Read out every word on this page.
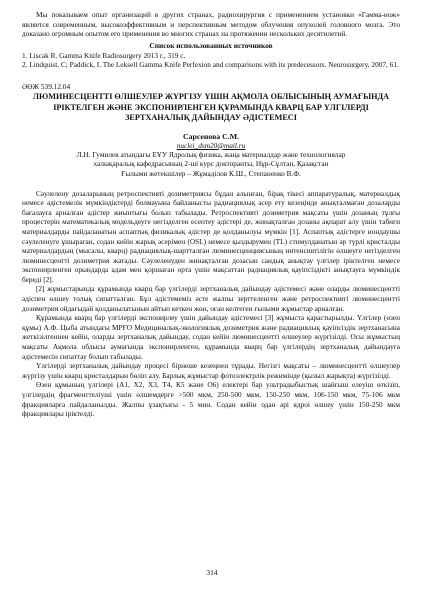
Мы показываем опыт организаций в других странах, радиохирургия с применением установки «Гамма-нож» является современным, высокоэффективным и перспективным методом облучения опухолей головного мозга. Это доказано огромным опытом его применения во многих странах на протяжении нескольких десятилетий.

Список использованных источников

1. Liscak R. Gamma Knife Radiosurgery 2013 г., 319 с.

2. Lindquist, C; Paddick, I. The Leksell Gamma Knife Perfexion and comparisons with its predecessors. Neurosurgery, 2007, 61.

ӘӨЖ 539.12.04

ЛЮМИНЕСЦЕНТТІ ӨЛШЕУЛЕР ЖҮРГІЗУ ҮШІН АҚМОЛА ОБЛЫСЫНЫҢ АУМАҒЫНДА ІРІКТЕЛГЕН ЖӘНЕ ЭКСПОНИРЛЕНГЕН ҚҰРАМЫНДА КВАРЦ БАР ҮЛГІЛЕРДІ ЗЕРТХАНАЛЫҚ ДАЙЫНДАУ ӘДІСТЕМЕСІ

Сарсенова С.М.

nuclei_dsm20@mail.ru

Л.Н. Гумилев атындағы ЕҰУ Ядролық физика, жаңа материалдар және технологиялар

халықаралық кафедрасының 2-ші курс докторанты, Нұр-Сұлтан, Қазақстан

Ғылыми жетекшілер – Жұмаділов К.Ш., Степаненко В.Ф.

Сәулелену дозаларының ретроспективті дозиметриясы бұдан алынған, бірақ тікесі аппаратуралық, материалдық немесе әдістемелік мүмкіндіктерді болмауына байланысты радиациялық әсер ету кезеңінде анықталмаған дозаларды бағалауға арналған әдістер жиынтығы болып табылады. Ретроспективті дозиметрия мақсаты үшін дозаның тұлғы процестерін математикалық модельдеуге негізделген есептеу әдістері де, жинақталған дозаны ақпарат алу үшін табиғи материалдарды пайдаланатын аспаптық физикалық әдістер де қолданылуы мүмкін [1]. Аспаптық әдістерге иондаушы сәулеленуге ұшыраған, содан кейін жарық әсерімен (OSL) немесе қыздырумен (TL) стимулданатын әр түрлі кристалды материалдардың (мысалы, кварц) радиациялық-шартталған люминесценциясының интенсивтілігін өлшеуге негізделген люминесцентті дозиметрия жатады. Сәулеленуден жинақталған дозасын сандық анықтау үлгілер іріктелген немесе экспонирленген орындарда адам мен қоршаған орта үшін мақсаттан радиациялық қауіпсіздікті анықтауға мүмкіндік береді [2].

[2] жұмыстарында құрамында кварц бар үлгілерді зертханалық дайындау әдістемесі және оларды люминесцентті әдіспен өлшеу толық сипатталған. Бұл әдістемеміз әсте жалпы зерттеленген және ретроспективті люминесцентті дозиметрия ойдағыдай қолданылатынын айтып кеткен жөн, оған келтеген ғылыми жұмыстар арналған.

Құрамында кварц бар үлгілерді экспонирлеу үшін дайындау әдістемесі [3] жұмыста қарастырылды. Үлгілер (өзен құмы) А.Ф. Цыба атындағы МРҒО Медициналық-экологиялық дозиметрия және радиациялық қауіпсіздік зертханасына жеткізілгеннен кейін, оларды зертханалық дайындау, содан кейін люминесценттi өлшеулер жүргізілді. Осы жұмыстың мақсаты Ақмола облысы аумағында экспонирленген, құрамында кварц бар үлгілердің зертханалық дайындауға әдістемесін сипаттау болып табылады.

Үлгілерді зертханалық дайындау процесі бірнеше кезеңнен тұрады. Негізгі мақсаты – люминесцентті өлшеулер жүргізу үшін кварц кристалдарын бөліп алу. Барлық жұмыстар фотоэлектрлік режимінде (қызыл жарықта) жүргізілді.

Өзен құмының үлгілері (А1, Х2, Х3, Т4, К5 және О6) електері бар ультрадыбыстық шайғыш елеуіш өткізіп, үлгілердің фрагменттеліуші үшін өлшемдерге >500 мкм, 250-500 мкм, 150-250 мкм, 106-150 мкм, 75-106 мкм фракцияларға пайдаланылды. Жалпы ұзақтығы - 5 мин. Содан кейін одан әрі ядроі өлшеу үшін 150-250 мкм фракциялары іріктелді.

314
